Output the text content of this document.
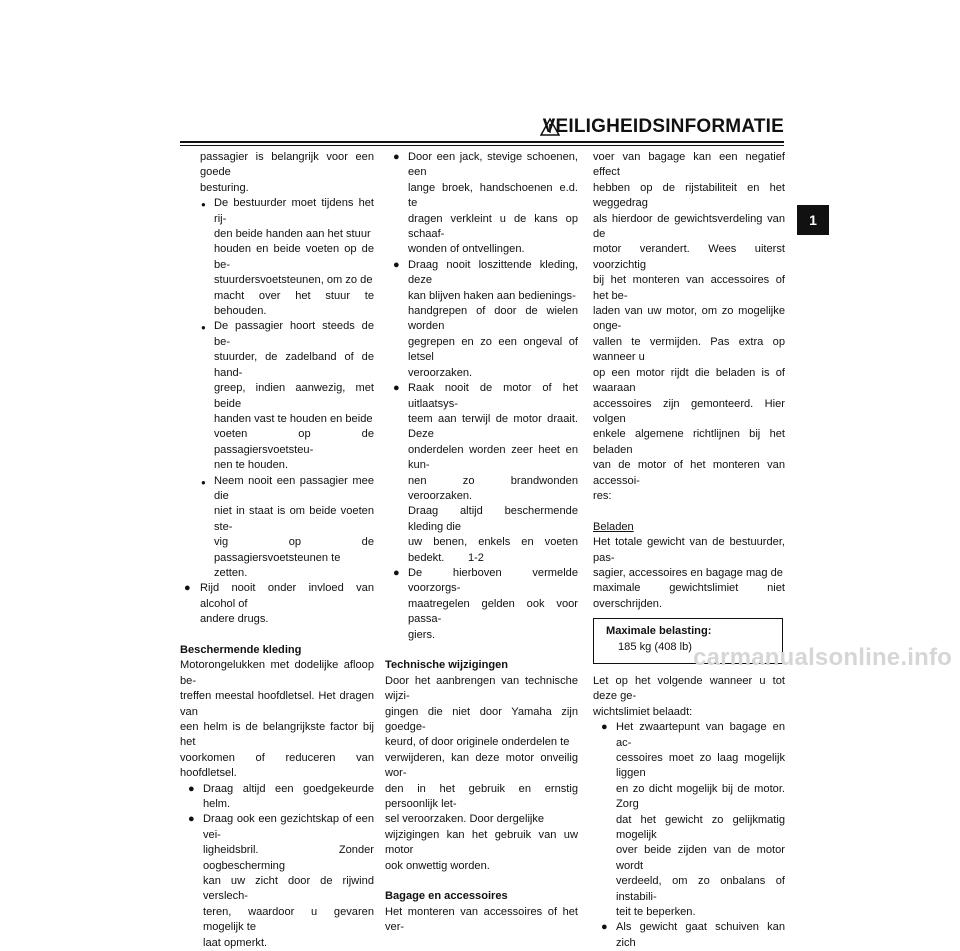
VEILIGHEIDSINFORMATIE
1

passagier is belangrijk voor een goede

besturing.

● De bestuurder moet tijdens het rij-

den beide handen aan het stuur

houden en beide voeten op de be-

stuurdersvoetsteunen, om zo de

macht over het stuur te behouden.

● De passagier hoort steeds de be-

stuurder, de zadelband of de hand-

greep, indien aanwezig, met beide

handen vast te houden en beide

voeten op de passagiersvoetsteu-

nen te houden.

● Neem nooit een passagier mee die

niet in staat is om beide voeten ste-

vig op de passagiersvoetsteunen te

zetten.

● Rijd nooit onder invloed van alcohol of

andere drugs.

Beschermende kleding

Motorongelukken met dodelijke afloop be-

treffen meestal hoofdletsel. Het dragen van

een helm is de belangrijkste factor bij het

voorkomen of reduceren van hoofdletsel.

● Draag altijd een goedgekeurde helm.

● Draag ook een gezichtskap of een vei-

ligheidsbril. Zonder oogbescherming

kan uw zicht door de rijwind verslech-

teren, waardoor u gevaren mogelijk te

laat opmerkt.

● Door een jack, stevige schoenen, een

lange broek, handschoenen e.d. te

dragen verkleint u de kans op schaaf-

wonden of ontvellingen.

● Draag nooit loszittende kleding, deze

kan blijven haken aan bedienings-

handgrepen of door de wielen worden

gegrepen en zo een ongeval of letsel

veroorzaken.

● Raak nooit de motor of het uitlaatsys-

teem aan terwijl de motor draait. Deze

onderdelen worden zeer heet en kun-

nen zo brandwonden veroorzaken.

Draag altijd beschermende kleding die

uw benen, enkels en voeten bedekt.

● De hierboven vermelde voorzorgs-

maatregelen gelden ook voor passa-

giers.

Technische wijzigingen

Door het aanbrengen van technische wijzi-

gingen die niet door Yamaha zijn goedge-

keurd, of door originele onderdelen te

verwijderen, kan deze motor onveilig wor-

den in het gebruik en ernstig persoonlijk let-

sel veroorzaken. Door dergelijke

wijzigingen kan het gebruik van uw motor

ook onwettig worden.

Bagage en accessoires

Het monteren van accessoires of het ver-

voer van bagage kan een negatief effect

hebben op de rijstabiliteit en het weggedrag

als hierdoor de gewichtsverdeling van de

motor verandert. Wees uiterst voorzichtig

bij het monteren van accessoires of het be-

laden van uw motor, om zo mogelijke onge-

vallen te vermijden. Pas extra op wanneer u

op een motor rijdt die beladen is of waaraan

accessoires zijn gemonteerd. Hier volgen

enkele algemene richtlijnen bij het beladen

van de motor of het monteren van accessoi-

res:

Beladen

Het totale gewicht van de bestuurder, pas-

sagier, accessoires en bagage mag de

maximale gewichtslimiet niet overschrijden.

Maximale belasting:
185 kg (408 lb)

Let op het volgende wanneer u tot deze ge-

wichtslimiet belaadt:

● Het zwaartepunt van bagage en ac-

cessoires moet zo laag mogelijk liggen

en zo dicht mogelijk bij de motor. Zorg

dat het gewicht zo gelijkmatig mogelijk

over beide zijden van de motor wordt

verdeeld, om zo onbalans of instabili-

teit te beperken.

● Als gewicht gaat schuiven kan zich

1-2
carmanualsonline.info
